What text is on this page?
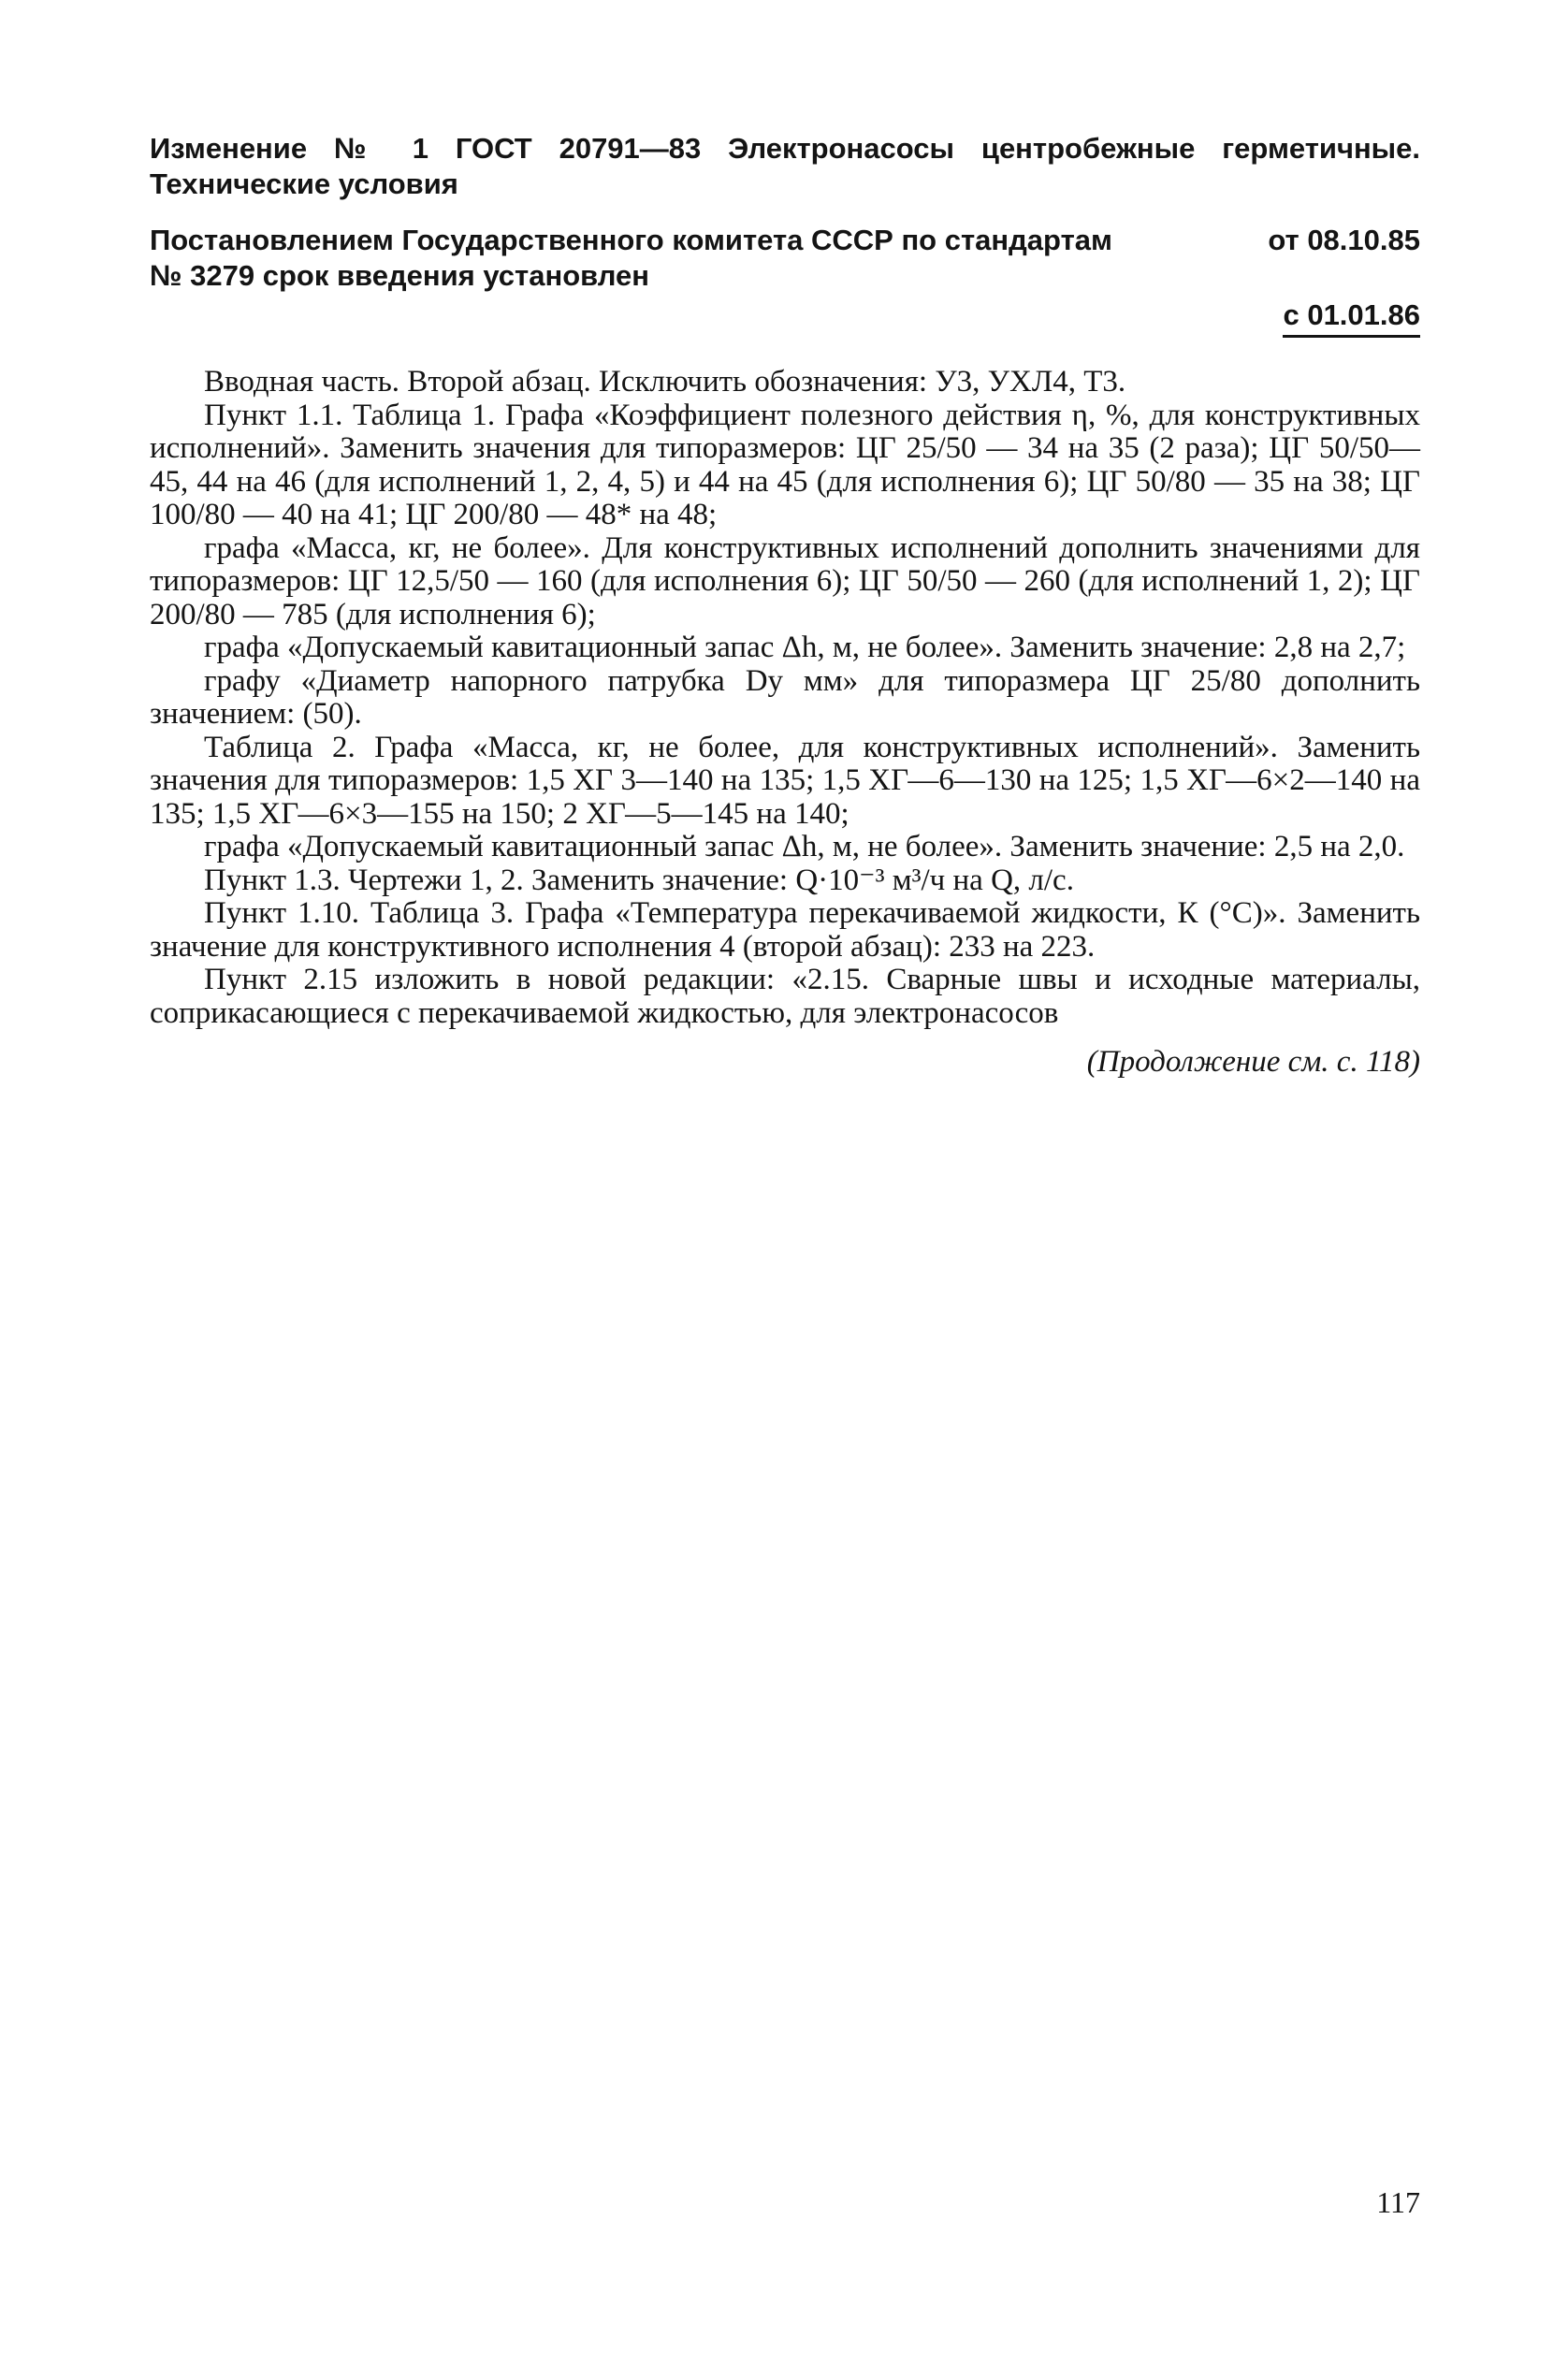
Изменение № 1 ГОСТ 20791—83 Электронасосы центробежные герметичные. Технические условия
Постановлением Государственного комитета СССР по стандартам	от 08.10.85
№ 3279 срок введения установлен
с 01.01.86

Вводная часть. Второй абзац. Исключить обозначения: У3, УХЛ4, Т3.

Пункт 1.1. Таблица 1. Графа «Коэффициент полезного действия η, %, для конструктивных исполнений». Заменить значения для типоразмеров: ЦГ 25/50 — 34 на 35 (2 раза); ЦГ 50/50—45, 44 на 46 (для исполнений 1, 2, 4, 5) и 44 на 45 (для исполнения 6); ЦГ 50/80 — 35 на 38; ЦГ 100/80 — 40 на 41; ЦГ 200/80 — 48* на 48;

графа «Масса, кг, не более». Для конструктивных исполнений дополнить значениями для типоразмеров: ЦГ 12,5/50 — 160 (для исполнения 6); ЦГ 50/50 — 260 (для исполнений 1, 2); ЦГ 200/80 — 785 (для исполнения 6);

графа «Допускаемый кавитационный запас Δh, м, не более». Заменить значение: 2,8 на 2,7;

графу «Диаметр напорного патрубка Dу мм» для типоразмера ЦГ 25/80 дополнить значением: (50).

Таблица 2. Графа «Масса, кг, не более, для конструктивных исполнений». Заменить значения для типоразмеров: 1,5 ХГ 3—140 на 135; 1,5 ХГ—6—130 на 125; 1,5 ХГ—6×2—140 на 135; 1,5 ХГ—6×3—155 на 150; 2 ХГ—5—145 на 140;

графа «Допускаемый кавитационный запас Δh, м, не более». Заменить значение: 2,5 на 2,0.

Пункт 1.3. Чертежи 1, 2. Заменить значение: Q·10⁻³ м³/ч на Q, л/с.

Пункт 1.10. Таблица 3. Графа «Температура перекачиваемой жидкости, К (°С)». Заменить значение для конструктивного исполнения 4 (второй абзац): 233 на 223.

Пункт 2.15 изложить в новой редакции: «2.15. Сварные швы и исходные материалы, соприкасающиеся с перекачиваемой жидкостью, для электронасосов

(Продолжение см. с. 118)
117
